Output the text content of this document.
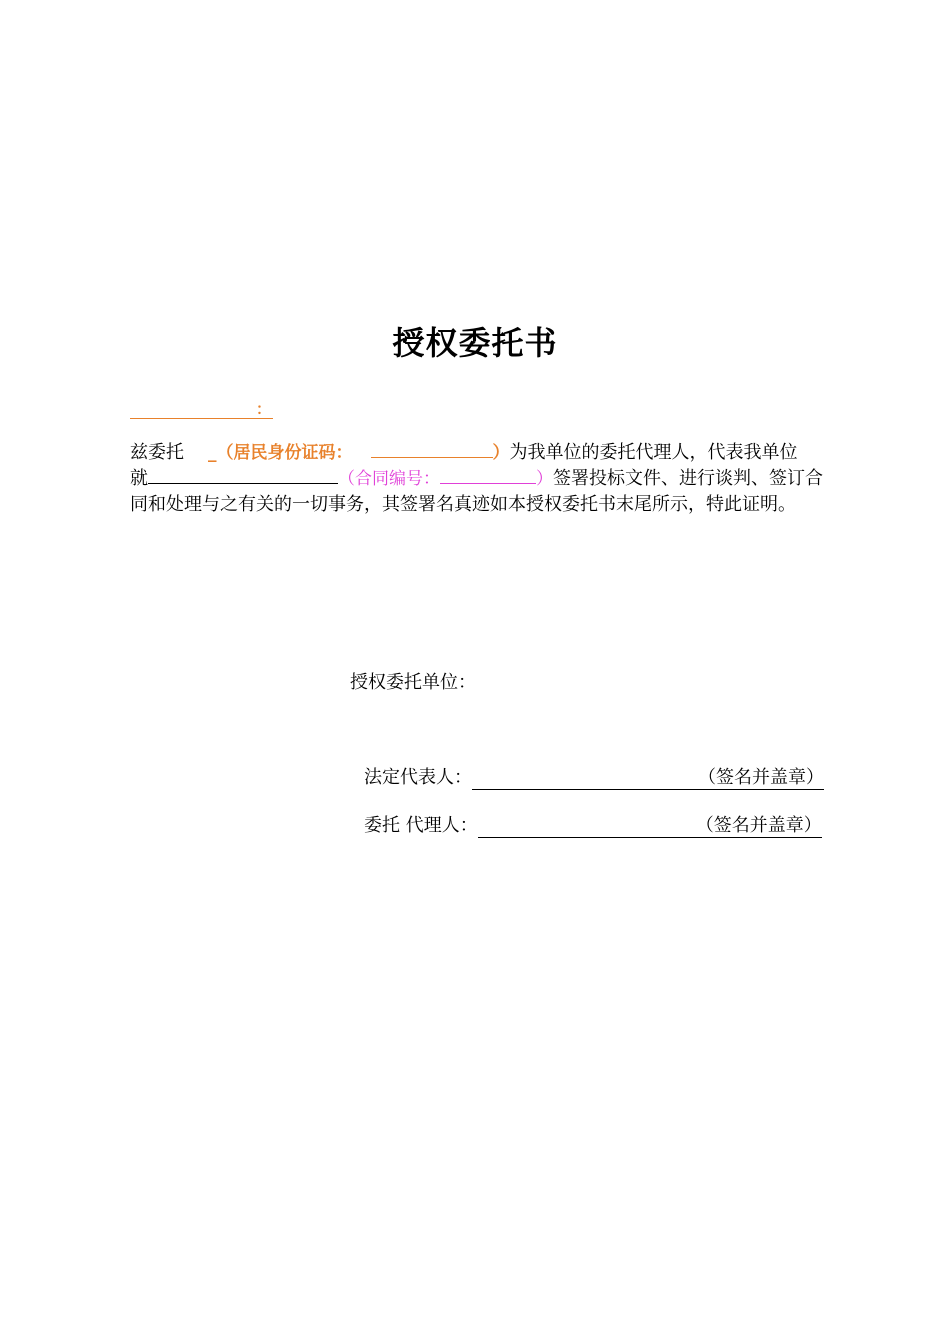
授权委托书
：
兹委托 _（居民身份证码：	）为我单位的委托代理人，代表我单位
就	（合同编号：	）签署投标文件、进行谈判、签订合
同和处理与之有关的一切事务，其签署名真迹如本授权委托书末尾所示，特此证明。
授权委托单位：
法定代表人：	（签名并盖章）
委托 代理人：	（签名并盖章）
